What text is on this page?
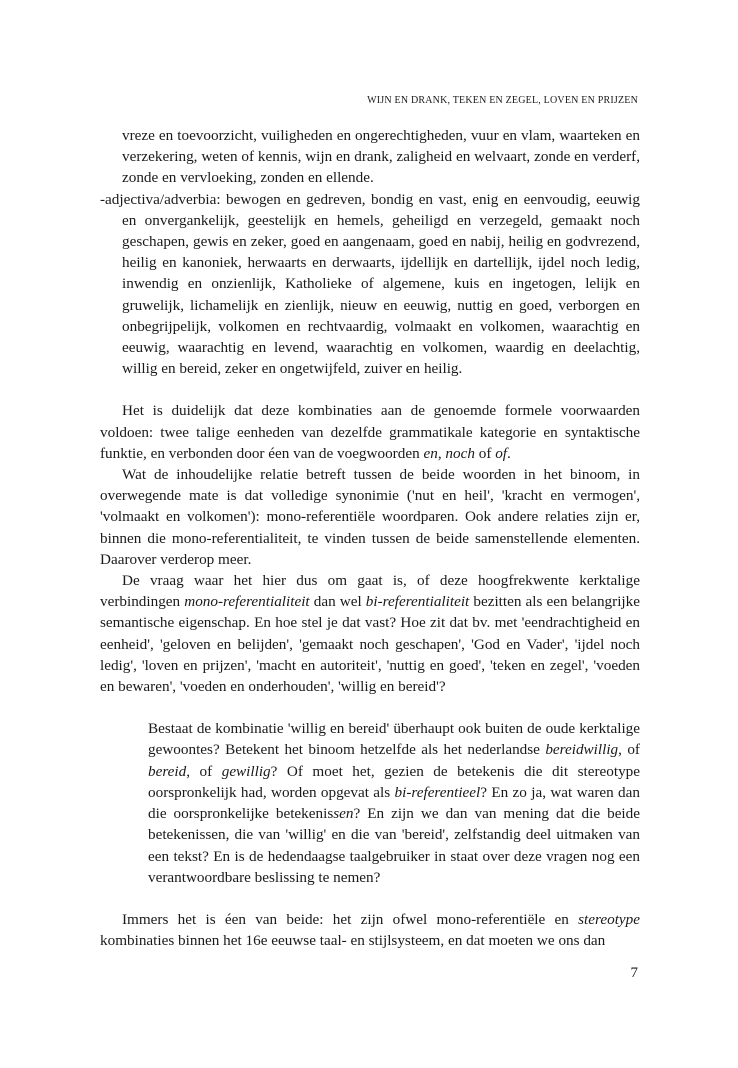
WIJN EN DRANK, TEKEN EN ZEGEL, LOVEN EN PRIJZEN

vreze en toevoorzicht, vuiligheden en ongerechtigheden, vuur en vlam, waarteken en verzekering, weten of kennis, wijn en drank, zaligheid en welvaart, zonde en verderf, zonde en vervloeking, zonden en ellende.

-adjectiva/adverbia: bewogen en gedreven, bondig en vast, enig en eenvoudig, eeuwig en onvergankelijk, geestelijk en hemels, geheiligd en verzegeld, gemaakt noch geschapen, gewis en zeker, goed en aangenaam, goed en nabij, heilig en godvrezend, heilig en kanoniek, herwaarts en derwaarts, ijdellijk en dartellijk, ijdel noch ledig, inwendig en onzienlijk, Katholieke of algemene, kuis en ingetogen, lelijk en gruwelijk, lichamelijk en zienlijk, nieuw en eeuwig, nuttig en goed, verborgen en onbegrijpelijk, volkomen en rechtvaardig, volmaakt en volkomen, waarachtig en eeuwig, waarachtig en levend, waarachtig en volkomen, waardig en deelachtig, willig en bereid, zeker en ongetwijfeld, zuiver en heilig.

Het is duidelijk dat deze kombinaties aan de genoemde formele voorwaarden voldoen: twee talige eenheden van dezelfde grammatikale kategorie en syntaktische funktie, en verbonden door éen van de voegwoorden en, noch of of.

Wat de inhoudelijke relatie betreft tussen de beide woorden in het binoom, in overwegende mate is dat volledige synonimie ('nut en heil', 'kracht en vermogen', 'volmaakt en volkomen'): mono-referentiële woordparen. Ook andere relaties zijn er, binnen die mono-referentialiteit, te vinden tussen de beide samenstellende elementen. Daarover verderop meer.

De vraag waar het hier dus om gaat is, of deze hoogfrekwente kerktalige verbindingen mono-referentialiteit dan wel bi-referentialiteit bezitten als een belangrijke semantische eigenschap. En hoe stel je dat vast? Hoe zit dat bv. met 'eendrachtigheid en eenheid', 'geloven en belijden', 'gemaakt noch geschapen', 'God en Vader', 'ijdel noch ledig', 'loven en prijzen', 'macht en autoriteit', 'nuttig en goed', 'teken en zegel', 'voeden en bewaren', 'voeden en onderhouden', 'willig en bereid'?

Bestaat de kombinatie 'willig en bereid' überhaupt ook buiten de oude kerktalige gewoontes? Betekent het binoom hetzelfde als het nederlandse bereidwillig, of bereid, of gewillig? Of moet het, gezien de betekenis die dit stereotype oorspronkelijk had, worden opgevat als bi-referentieel? En zo ja, wat waren dan die oorspronkelijke betekenissen? En zijn we dan van mening dat die beide betekenissen, die van 'willig' en die van 'bereid', zelfstandig deel uitmaken van een tekst? En is de hedendaagse taalgebruiker in staat over deze vragen nog een verantwoordbare beslissing te nemen?

Immers het is éen van beide: het zijn ofwel mono-referentiële en stereotype kombinaties binnen het 16e eeuwse taal- en stijlsysteem, en dat moeten we ons dan

7
